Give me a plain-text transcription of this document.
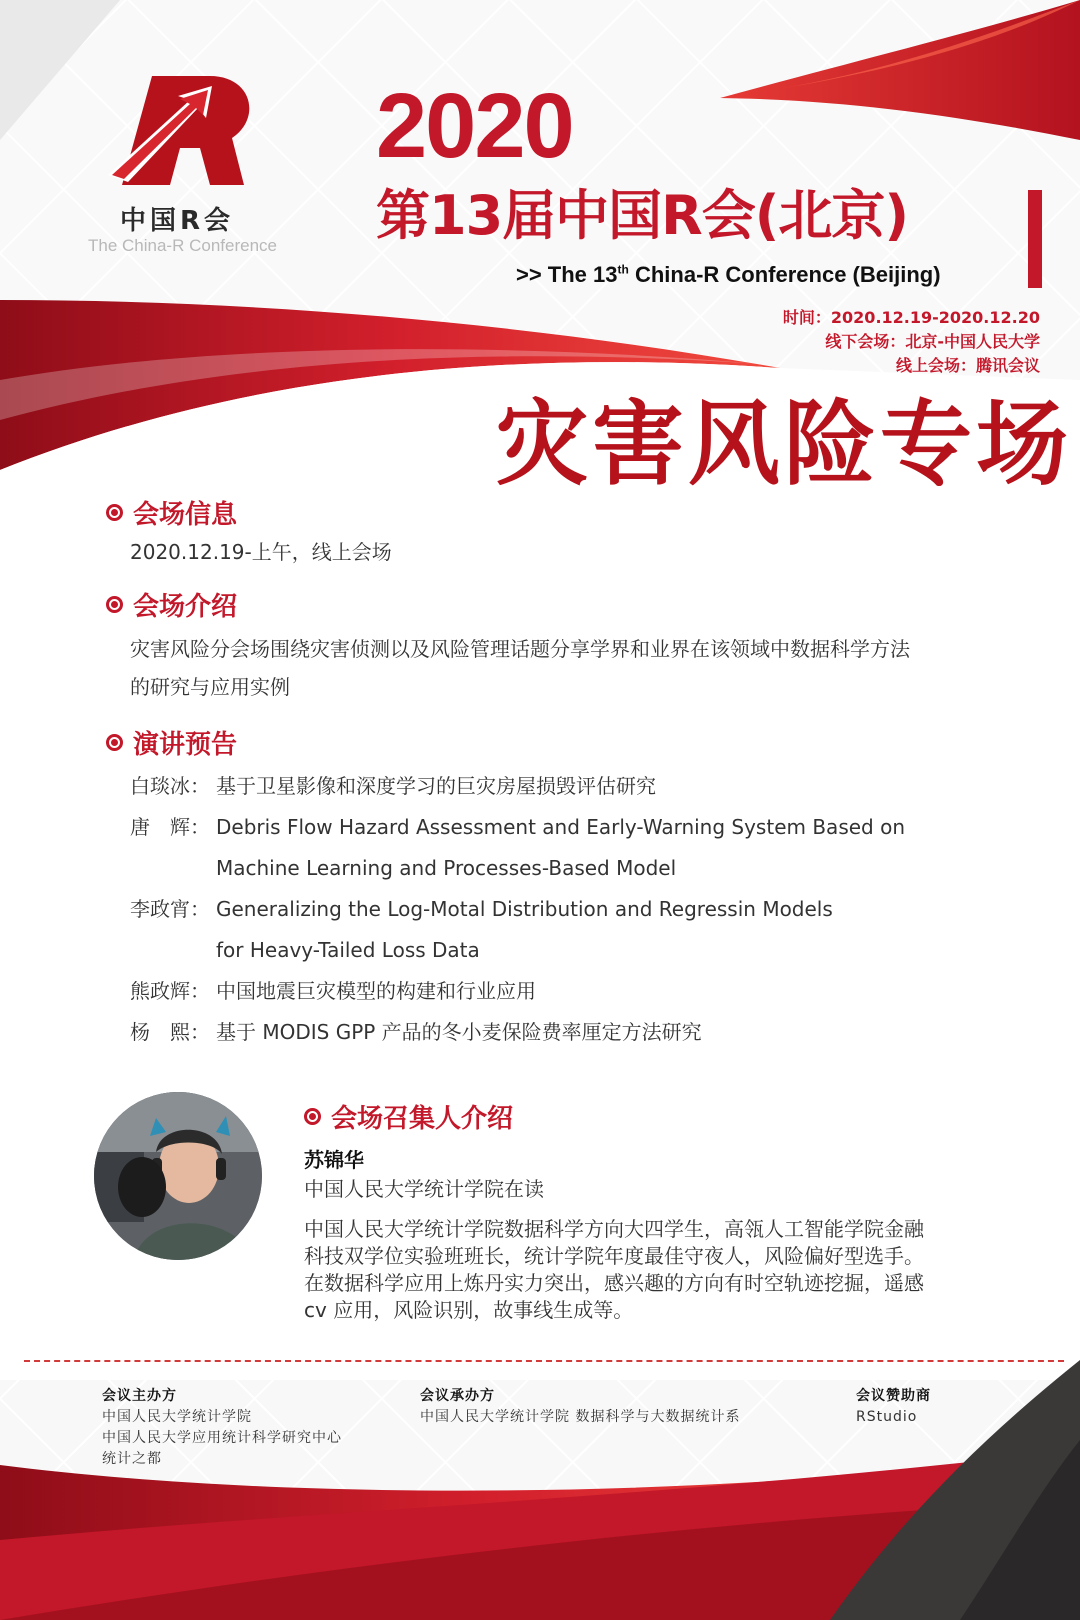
中国R会
The China-R Conference
2020
第13届中国R会(北京)
>> The 13th China-R Conference (Beijing)
时间：2020.12.19-2020.12.20
线下会场：北京-中国人民大学
线上会场：腾讯会议
灾害风险专场
会场信息
2020.12.19-上午，线上会场
会场介绍
灾害风险分会场围绕灾害侦测以及风险管理话题分享学界和业界在该领域中数据科学方法
的研究与应用实例
演讲预告
白琰冰： 基于卫星影像和深度学习的巨灾房屋损毁评估研究
唐　辉： Debris Flow Hazard Assessment and Early-Warning System Based on
Machine Learning and Processes-Based Model
李政宵： Generalizing the Log-Motal Distribution and Regressin Models
for Heavy-Tailed Loss Data
熊政辉： 中国地震巨灾模型的构建和行业应用
杨　熙： 基于 MODIS GPP 产品的冬小麦保险费率厘定方法研究
会场召集人介绍
苏锦华
中国人民大学统计学院在读
中国人民大学统计学院数据科学方向大四学生，高瓴人工智能学院金融
科技双学位实验班班长，统计学院年度最佳守夜人，风险偏好型选手。
在数据科学应用上炼丹实力突出，感兴趣的方向有时空轨迹挖掘，遥感
cv 应用，风险识别，故事线生成等。
会议主办方
中国人民大学统计学院
中国人民大学应用统计科学研究中心
统计之都
会议承办方
中国人民大学统计学院 数据科学与大数据统计系
会议赞助商
RStudio
